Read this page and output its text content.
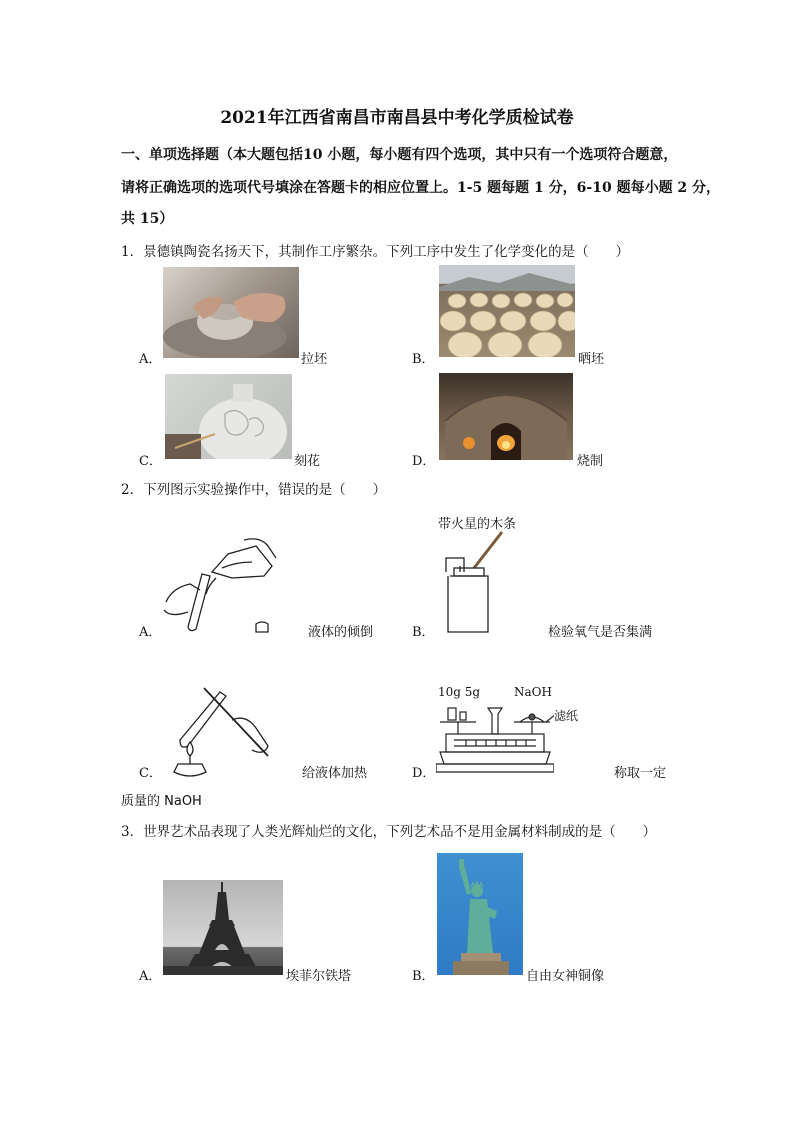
2021年江西省南昌市南昌县中考化学质检试卷
一、单项选择题（本大题包括10 小题，每小题有四个选项，其中只有一个选项符合题意，
请将正确选项的选项代号填涂在答题卡的相应位置上。1-5 题每题 1 分，6-10 题每小题 2 分，
共 15）
1．景德镇陶瓷名扬天下，其制作工序繁杂。下列工序中发生了化学变化的是（　　）
A．	拉坯	B．	晒坯
C．	刻花	D．	烧制
2．下列图示实验操作中，错误的是（　　）
A．	液体的倾倒
带火星的木条
B．	检验氧气是否集满
C．	给液体加热	D．
10g 5g	NaOH
滤纸
称取一定
质量的 NaOH
3．世界艺术品表现了人类光辉灿烂的文化，下列艺术品不是用金属材料制成的是（　　）
A．	埃菲尔铁塔	B．	自由女神铜像
